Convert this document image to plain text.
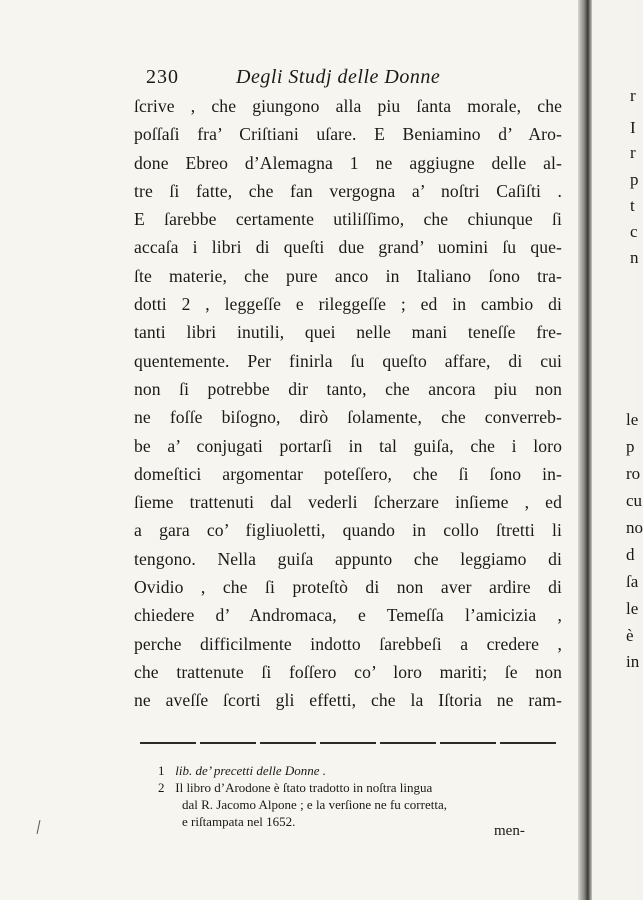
230	Degli Studj delle Donne
ſcrive , che giungono alla piu ſanta morale, che
poſſaſi fra’ Criſtiani uſare. E Beniamino d’ Aro-
done Ebreo d’Alemagna 1 ne aggiugne delle al-
tre ſi fatte, che fan vergogna a’ noſtri Caſiſti .
E ſarebbe certamente utiliſſimo, che chiunque ſi
accaſa i libri di queſti due grand’ uomini ſu que-
ſte materie, che pure anco in Italiano ſono tra-
dotti 2 , leggeſſe e rileggeſſe ; ed in cambio di
tanti libri inutili, quei nelle mani teneſſe fre-
quentemente. Per finirla ſu queſto affare, di cui
non ſi potrebbe dir tanto, che ancora piu non
ne foſſe biſogno, dirò ſolamente, che converreb-
be a’ conjugati portarſi in tal guiſa, che i loro
domeſtici argomentar poteſſero, che ſi ſono in-
ſieme trattenuti dal vederli ſcherzare inſieme , ed
a gara co’ figliuoletti, quando in collo ſtretti li
tengono. Nella guiſa appunto che leggiamo di
Ovidio , che ſi proteſtò di non aver ardire di
chiedere d’ Andromaca, e Temeſſa l’amicizia ,
perche difficilmente indotto ſarebbeſi a credere ,
che trattenute ſi foſſero co’ loro mariti; ſe non
ne aveſſe ſcorti gli effetti, che la Iſtoria ne ram-
1 lib. de’ precetti delle Donne .
2 Il libro d’Arodone è ſtato tradotto in noſtra lingua
dal R. Jacomo Alpone ; e la verſione ne fu corretta,
e riſtampata nel 1652.
men-
r
I
r
p
t
c
n
le
p
ro
cu
no
d
ſa
le
è
in
